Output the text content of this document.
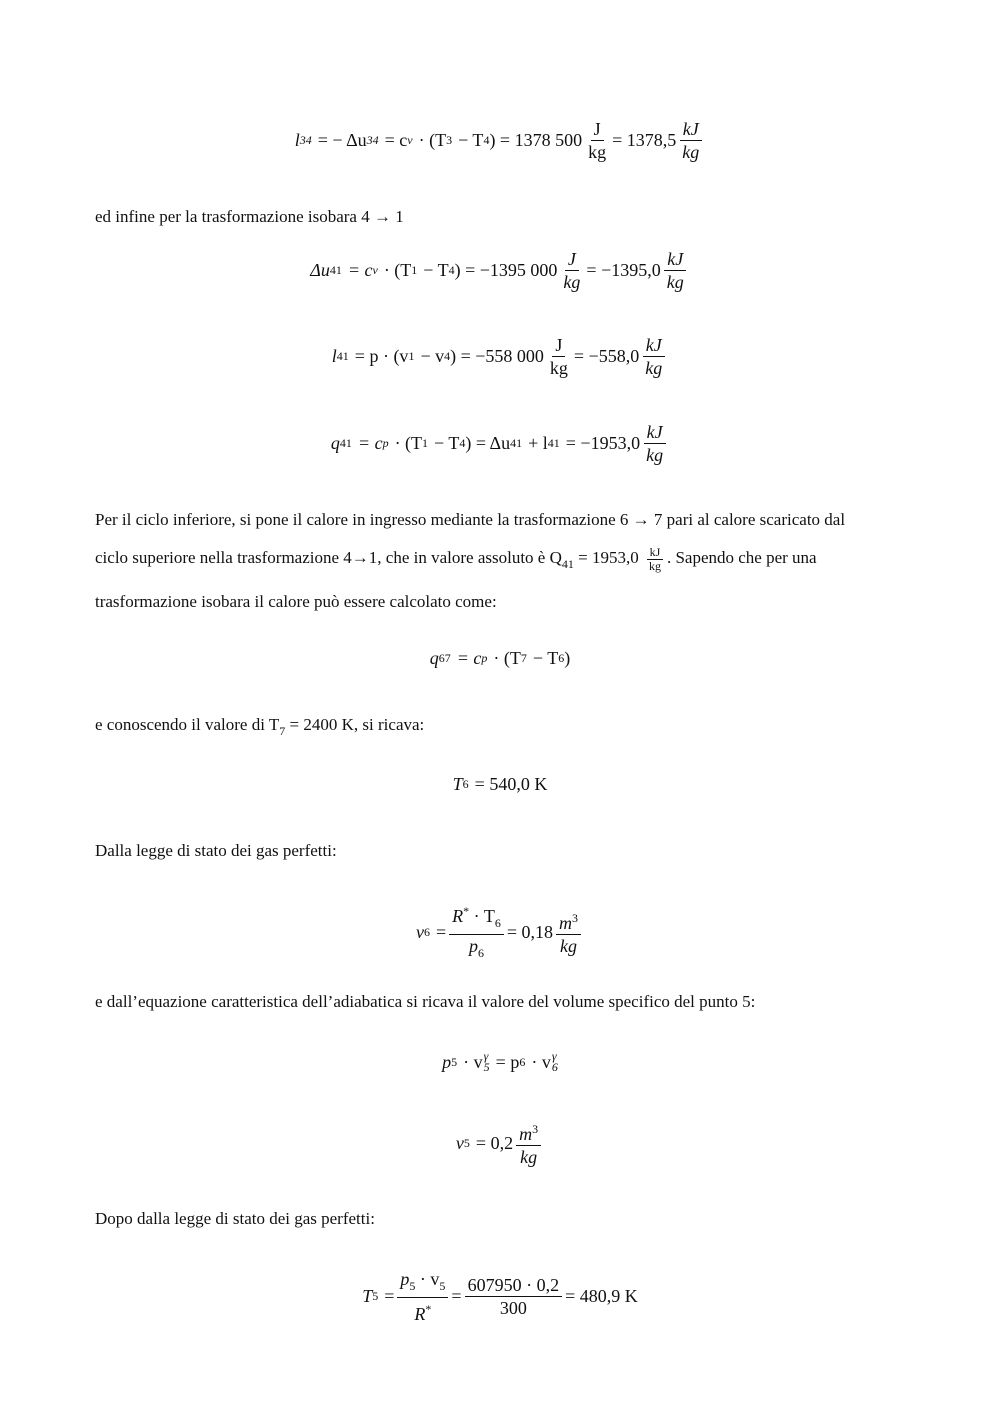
l 34 = − Δu 34 = c v · (T 3 − T 4 ) = 1378 $500 \frac{J}{kg} = 1378,5 \frac{kJ}{kg}$

ed infine per la trasformazione isobara 4 → 1

Δu 41 = c v · (T 1 − T 4 ) = −1395 $000 \frac{J}{kg} = -1395,0 \frac{kJ}{kg}$
l 41 = p · (v 1 − v 4 ) = −558 $000 \frac{J}{kg} = -558,0 \frac{kJ}{kg}$
q 41 = c p · (T 1 − T 4 ) = Δu 41 + l $41 = -1953,0 \frac{kJ}{kg}$

Per il ciclo inferiore, si pone il calore in ingresso mediante la trasformazione 6 → 7 pari al calore scaricato dal

ciclo superiore nella trasformazione 4→1, che in valore assoluto è $Q_{41} = 1953,0 \frac{kJ}{kg}$ . Sapendo che per una

trasformazione isobara il calore può essere calcolato come:

q 67 = c p · (T 7 − T 6 )

e conoscendo il valore di $T_7 = 2400$ K, si ricava:

T 6 = 540,0 K

Dalla legge di stato dei gas perfetti:

v $6 = \frac{R^* \cdot T_6}{p_6} = 0,18 \frac{m^3}{kg}$

e dall’equazione caratteristica dell’adiabatica si ricava il valore del volume specifico del punto 5:

p 5 · v γ
5 = p 6 · v γ
6
v $5 = 0,2 \frac{m^3}{kg}$

Dopo dalla legge di stato dei gas perfetti:

T $5 = \frac{p_5 \cdot v_5}{R^*} = \frac{607950 \cdot 0,2}{300} = 480,9$ K
